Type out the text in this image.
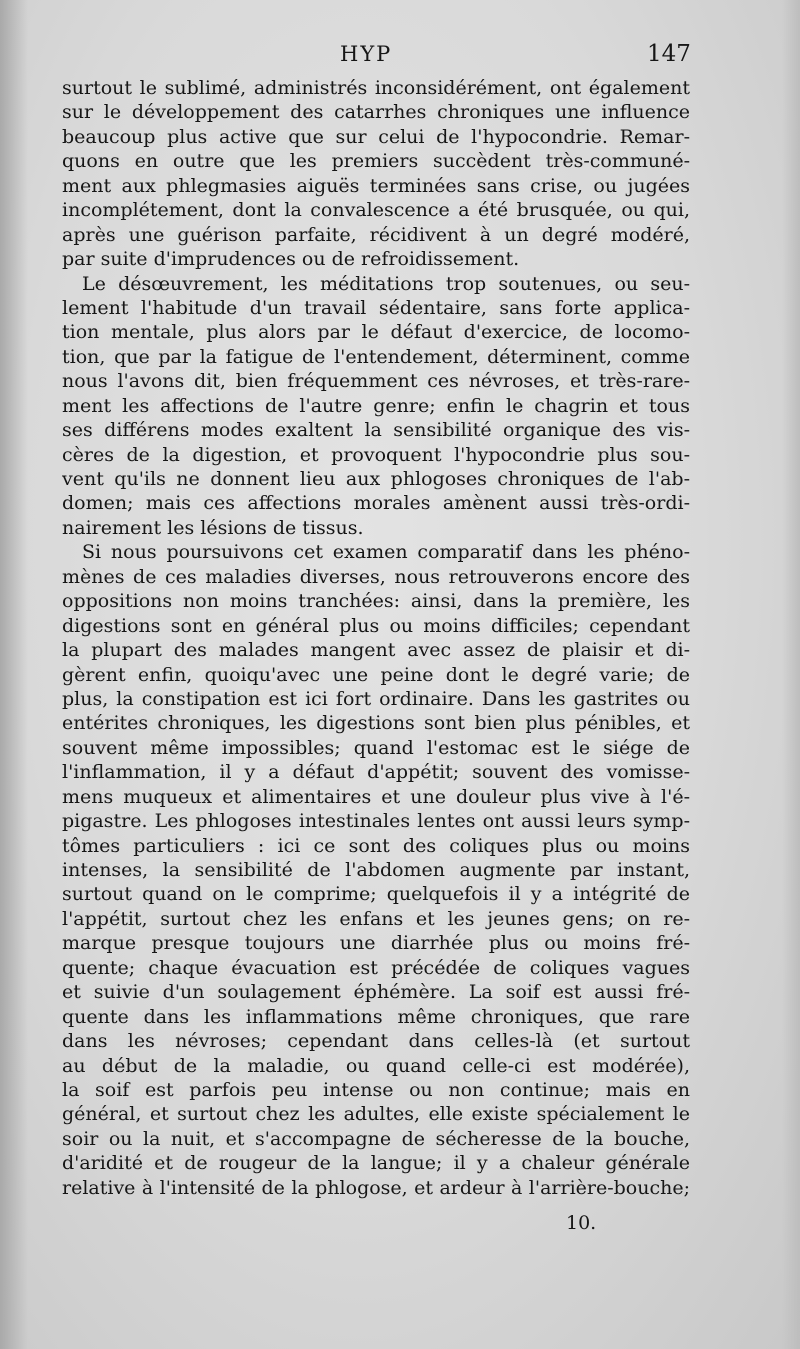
HYP	147
surtout le sublimé, administrés inconsidérément, ont également
sur le développement des catarrhes chroniques une influence
beaucoup plus active que sur celui de l'hypocondrie. Remar-
quons en outre que les premiers succèdent très-communé-
ment aux phlegmasies aiguës terminées sans crise, ou jugées
incomplétement, dont la convalescence a été brusquée, ou qui,
après une guérison parfaite, récidivent à un degré modéré,
par suite d'imprudences ou de refroidissement.
Le désœuvrement, les méditations trop soutenues, ou seu-
lement l'habitude d'un travail sédentaire, sans forte applica-
tion mentale, plus alors par le défaut d'exercice, de locomo-
tion, que par la fatigue de l'entendement, déterminent, comme
nous l'avons dit, bien fréquemment ces névroses, et très-rare-
ment les affections de l'autre genre; enfin le chagrin et tous
ses différens modes exaltent la sensibilité organique des vis-
cères de la digestion, et provoquent l'hypocondrie plus sou-
vent qu'ils ne donnent lieu aux phlogoses chroniques de l'ab-
domen; mais ces affections morales amènent aussi très-ordi-
nairement les lésions de tissus.
Si nous poursuivons cet examen comparatif dans les phéno-
mènes de ces maladies diverses, nous retrouverons encore des
oppositions non moins tranchées: ainsi, dans la première, les
digestions sont en général plus ou moins difficiles; cependant
la plupart des malades mangent avec assez de plaisir et di-
gèrent enfin, quoiqu'avec une peine dont le degré varie; de
plus, la constipation est ici fort ordinaire. Dans les gastrites ou
entérites chroniques, les digestions sont bien plus pénibles, et
souvent même impossibles; quand l'estomac est le siége de
l'inflammation, il y a défaut d'appétit; souvent des vomisse-
mens muqueux et alimentaires et une douleur plus vive à l'é-
pigastre. Les phlogoses intestinales lentes ont aussi leurs symp-
tômes particuliers : ici ce sont des coliques plus ou moins
intenses, la sensibilité de l'abdomen augmente par instant,
surtout quand on le comprime; quelquefois il y a intégrité de
l'appétit, surtout chez les enfans et les jeunes gens; on re-
marque presque toujours une diarrhée plus ou moins fré-
quente; chaque évacuation est précédée de coliques vagues
et suivie d'un soulagement éphémère. La soif est aussi fré-
quente dans les inflammations même chroniques, que rare
dans les névroses; cependant dans celles-là (et surtout
au début de la maladie, ou quand celle-ci est modérée),
la soif est parfois peu intense ou non continue; mais en
général, et surtout chez les adultes, elle existe spécialement le
soir ou la nuit, et s'accompagne de sécheresse de la bouche,
d'aridité et de rougeur de la langue; il y a chaleur générale
relative à l'intensité de la phlogose, et ardeur à l'arrière-bouche;
10.
